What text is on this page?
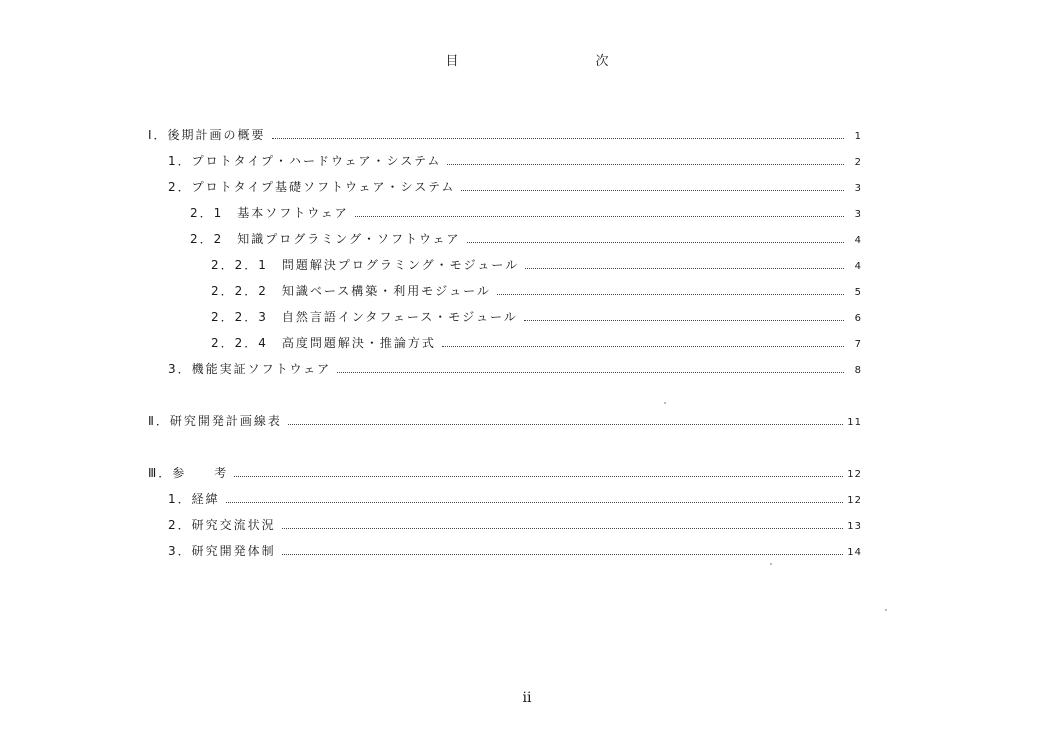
目　次
Ⅰ．後期計画の概要	1
1．プロトタイプ・ハードウェア・システム	2
2．プロトタイプ基礎ソフトウェア・システム	3
2．1　基本ソフトウェア	3
2．2　知識プログラミング・ソフトウェア	4
2．2．1　問題解決プログラミング・モジュール	4
2．2．2　知識ベース構築・利用モジュール	5
2．2．3　自然言語インタフェース・モジュール	6
2．2．4　高度問題解決・推論方式	7
3．機能実証ソフトウェア	8
Ⅱ．研究開発計画線表	11
Ⅲ．参　　考	12
1．経緯	12
2．研究交流状況	13
3．研究開発体制	14
ii
